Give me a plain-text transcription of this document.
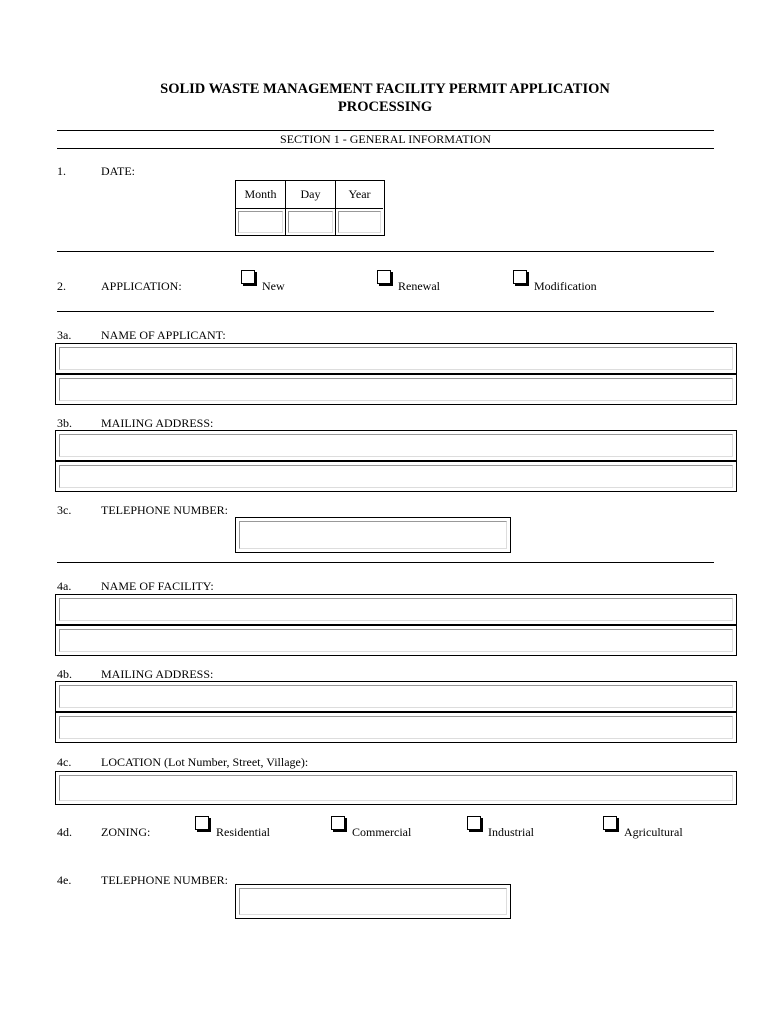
SOLID WASTE MANAGEMENT FACILITY PERMIT APPLICATION
PROCESSING
SECTION 1 - GENERAL INFORMATION
1.	DATE:
Month	Day	Year
2.	APPLICATION:	New	Renewal	Modification
3a. NAME OF APPLICANT:
3b. MAILING ADDRESS:
3c. TELEPHONE NUMBER:
4a. NAME OF FACILITY:
4b. MAILING ADDRESS:
4c. LOCATION (Lot Number, Street, Village):
4d. ZONING:	Residential	Commercial	Industrial	Agricultural
4e. TELEPHONE NUMBER:
